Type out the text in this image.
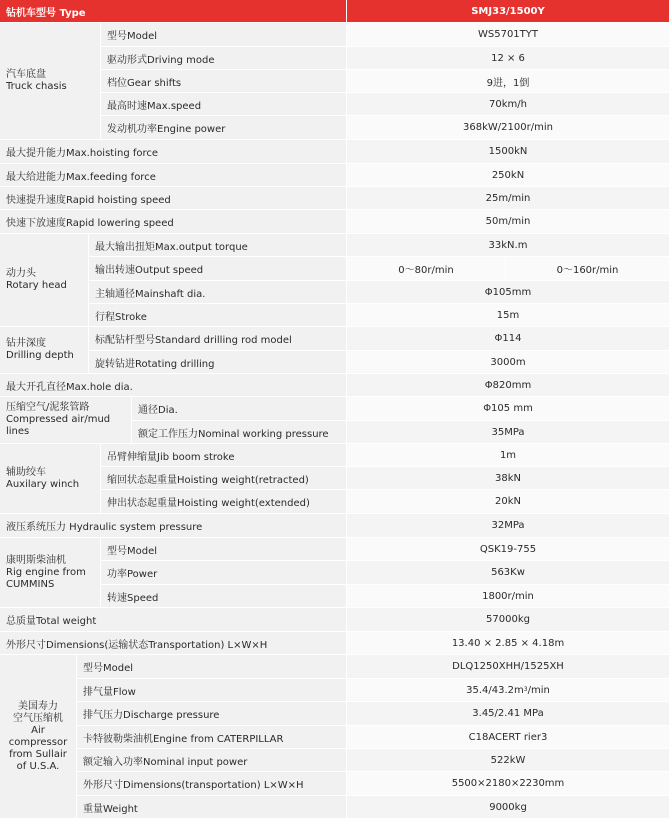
钻机车型号 Type	SMJ33/1500Y
汽车底盘
Truck chasis
型号Model	WS5701TYT
驱动形式Driving mode	12 × 6
档位Gear shifts	9进，1倒
最高时速Max.speed	70km/h
发动机功率Engine power	368kW/2100r/min
最大提升能力Max.hoisting force	1500kN
最大给进能力Max.feeding force	250kN
快速提升速度Rapid hoisting speed	25m/min
快速下放速度Rapid lowering speed	50m/min
动力头
Rotary head
最大输出扭矩Max.output torque	33kN.m
输出转速Output speed	0～80r/min	0～160r/min
主轴通径Mainshaft dia.	Φ105mm
行程Stroke	15m
钻井深度
Drilling depth
标配钻杆型号Standard drilling rod model	Φ114
旋转钻进Rotating drilling	3000m
最大开孔直径Max.hole dia.	Φ820mm
压缩空气/泥浆管路
Compressed air/mud lines
通径Dia.	Φ105 mm
额定工作压力Nominal working pressure	35MPa
辅助绞车
Auxilary winch
吊臂伸缩量Jib boom stroke	1m
缩回状态起重量Hoisting weight(retracted)	38kN
伸出状态起重量Hoisting weight(extended)	20kN
液压系统压力 Hydraulic system pressure	32MPa
康明斯柴油机
Rig engine from
CUMMINS
型号Model	QSK19-755
功率Power	563Kw
转速Speed	1800r/min
总质量Total weight	57000kg
外形尺寸Dimensions(运输状态Transportation) L×W×H	13.40 × 2.85 × 4.18m
美国寿力
空气压缩机
Air
compressor
from Sullair
of U.S.A.
型号Model	DLQ1250XHH/1525XH
排气量Flow	35.4/43.2m 3 /min
排气压力Discharge pressure	3.45/2.41 MPa
卡特彼勒柴油机Engine from CATERPILLAR	C18ACERT rier3
额定输入功率Nominal input power	522kW
外形尺寸Dimensions(transportation) L×W×H	5500×2180×2230mm
重量Weight	9000kg
